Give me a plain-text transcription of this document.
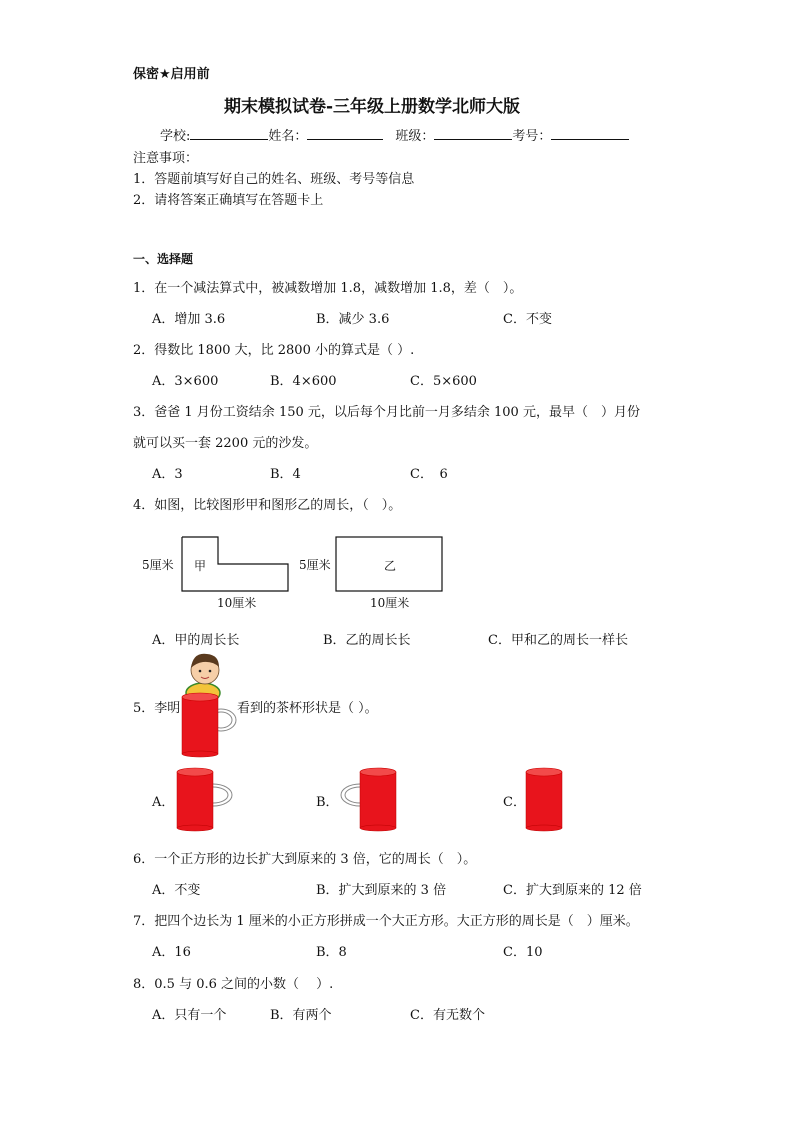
保密★启用前
期末模拟试卷-三年级上册数学北师大版
学校:	姓名：	班级：	考号：
注意事项：
1．答题前填写好自己的姓名、班级、考号等信息
2．请将答案正确填写在答题卡上
一、选择题
1．在一个减法算式中，被减数增加 1.8，减数增加 1.8，差（　）。
A．增加 3.6	B．减少 3.6	C．不变
2．得数比 1800 大，比 2800 小的算式是（ ）.
A．3×600	B．4×600	C．5×600
3．爸爸 1 月份工资结余 150 元，以后每个月比前一月多结余 100 元，最早（　）月份
就可以买一套 2200 元的沙发。
A．3	B．4	C．　6
4．如图，比较图形甲和图形乙的周长，（　）。
5厘米 甲
10厘米
5厘米	乙
10厘米
A．甲的周长长	B．乙的周长长	C．甲和乙的周长一样长
5．李明	看到的茶杯形状是（ ）。
A．	B．	C．
6．一个正方形的边长扩大到原来的 3 倍，它的周长（　）。
A．不变	B．扩大到原来的 3 倍	C．扩大到原来的 12 倍
7．把四个边长为 1 厘米的小正方形拼成一个大正方形。大正方形的周长是（　）厘米。
A．16	B．8	C．10
8．0.5 与 0.6 之间的小数（　 ）.
A．只有一个	B．有两个	C．有无数个
